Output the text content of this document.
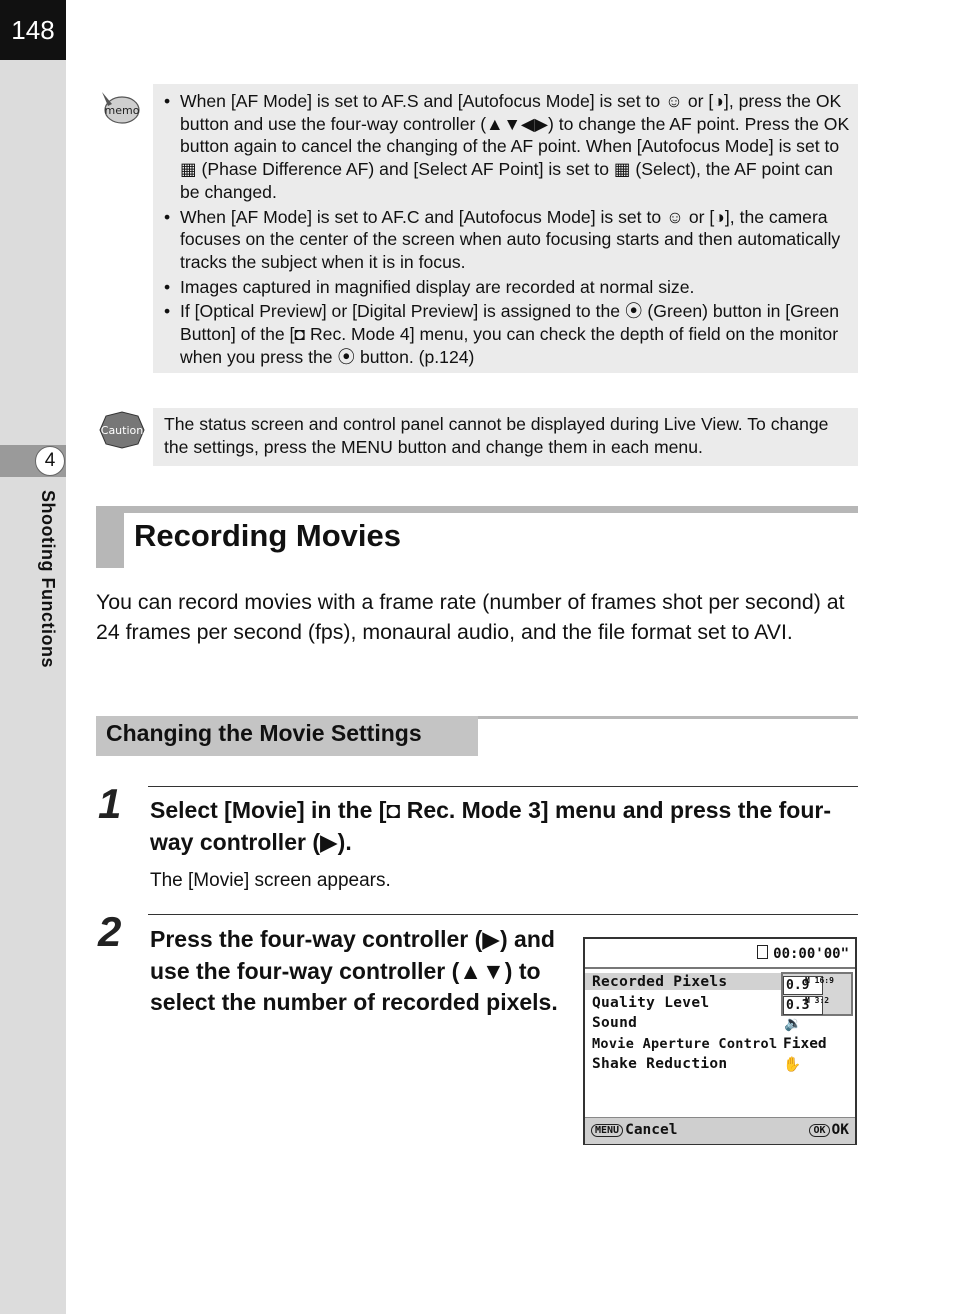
148
4
Shooting Functions
memo
• When [AF Mode] is set to AF.S and [Autofocus Mode] is set to ☺ or [◑], press the OK button and use the four-way controller (▲▼◀▶) to change the AF point. Press the OK button again to cancel the changing of the AF point. When [Autofocus Mode] is set to ▦ (Phase Difference AF) and [Select AF Point] is set to ▦ (Select), the AF point can be changed.
• When [AF Mode] is set to AF.C and [Autofocus Mode] is set to ☺ or [◑], the camera focuses on the center of the screen when auto focusing starts and then automatically tracks the subject when it is in focus.
• Images captured in magnified display are recorded at normal size.
• If [Optical Preview] or [Digital Preview] is assigned to the ⦿ (Green) button in [Green Button] of the [◘ Rec. Mode 4] menu, you can check the depth of field on the monitor when you press the ⦿ button. (p.124)
Caution	The status screen and control panel cannot be displayed during Live View. To change the settings, press the MENU button and change them in each menu.

Recording Movies

You can record movies with a frame rate (number of frames shot per second) at 24 frames per second (fps), monaural audio, and the file format set to AVI.

Changing the Movie Settings
1 Select [Movie] in the [◘ Rec. Mode 3] menu and press the four-way controller (▶).

The [Movie] screen appears.

2 Press the four-way controller (▶) and use the four-way controller (▲▼) to select the number of recorded pixels.

00:00'00"
Recorded Pixels
Quality Level
Sound
Movie Aperture Control
Shake Reduction
0.9
M 16:9
0.3
M 3:2
🔉
Fixed
✋
MENU Cancel	OK OK
